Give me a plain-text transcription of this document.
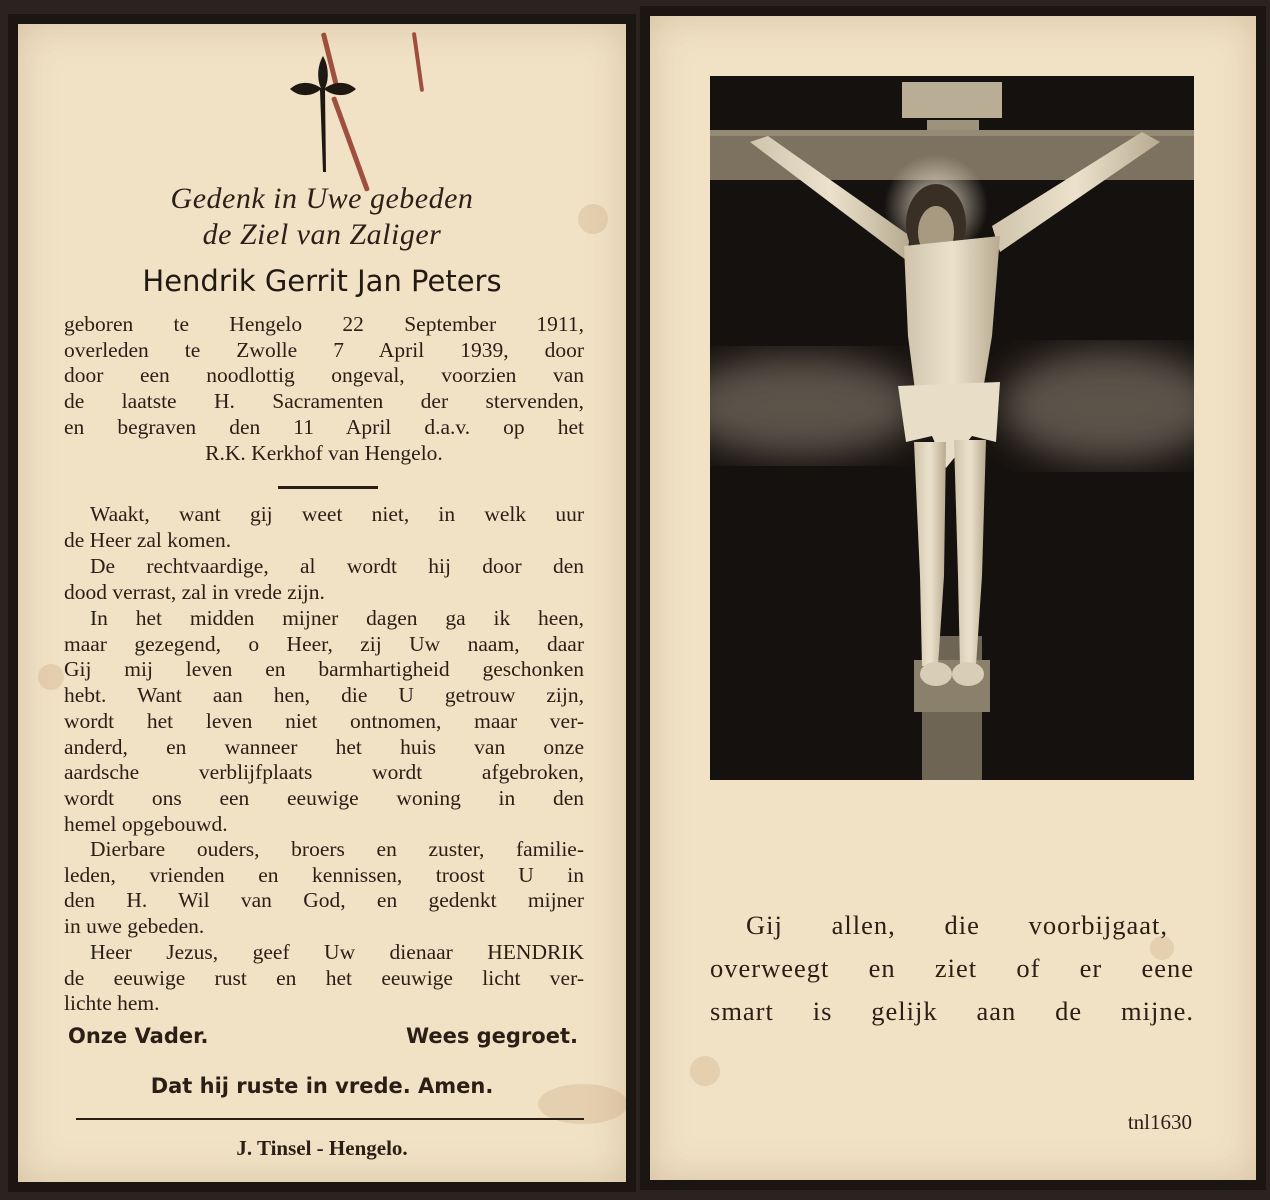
Gedenk in Uwe gebeden
de Ziel van Zaliger
Hendrik Gerrit Jan Peters
geboren te Hengelo 22 September 1911,
overleden te Zwolle 7 April 1939, door
door een noodlottig ongeval, voorzien van
de laatste H. Sacramenten der stervenden,
en begraven den 11 April d.a.v. op het
R.K. Kerkhof van Hengelo.
Waakt, want gij weet niet, in welk uur
de Heer zal komen.
De rechtvaardige, al wordt hij door den
dood verrast, zal in vrede zijn.
In het midden mijner dagen ga ik heen,
maar gezegend, o Heer, zij Uw naam, daar
Gij mij leven en barmhartigheid geschonken
hebt. Want aan hen, die U getrouw zijn,
wordt het leven niet ontnomen, maar ver-
anderd, en wanneer het huis van onze
aardsche verblijfplaats wordt afgebroken,
wordt ons een eeuwige woning in den
hemel opgebouwd.
Dierbare ouders, broers en zuster, familie-
leden, vrienden en kennissen, troost U in
den H. Wil van God, en gedenkt mijner
in uwe gebeden.
Heer Jezus, geef Uw dienaar HENDRIK
de eeuwige rust en het eeuwige licht ver-
lichte hem.
Onze Vader.	Wees gegroet.
Dat hij ruste in vrede. Amen.
J. Tinsel - Hengelo.
Gij allen, die voorbijgaat,
overweegt en ziet of er eene
smart is gelijk aan de mijne.
tnl1630
